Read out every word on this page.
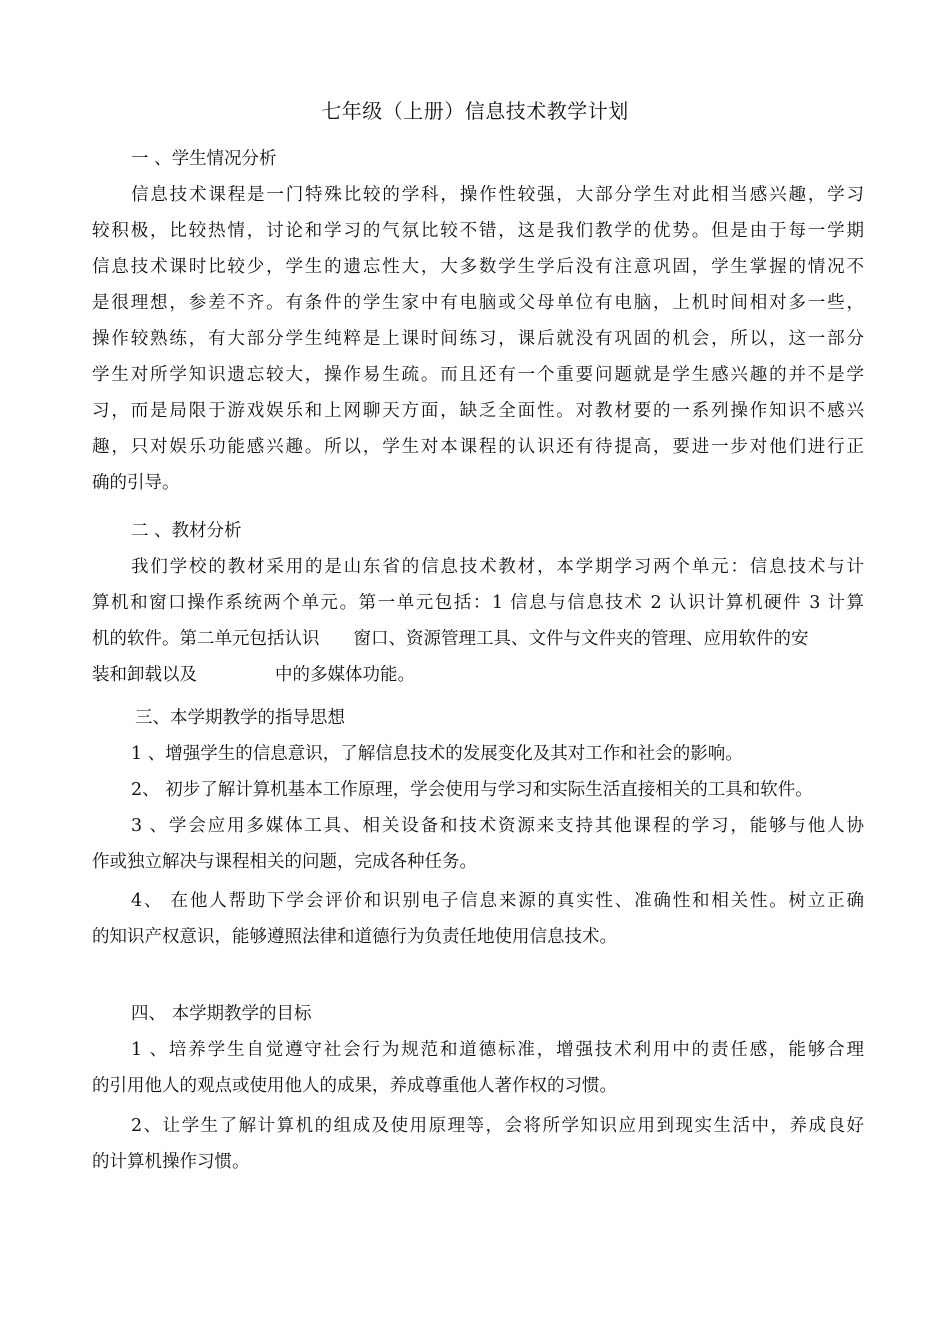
七年级（上册）信息技术教学计划

一 、学生情况分析

信息技术课程是一门特殊比较的学科，操作性较强，大部分学生对此相当感兴趣，学习

较积极，比较热情，讨论和学习的气氛比较不错，这是我们教学的优势。但是由于每一学期

信息技术课时比较少，学生的遗忘性大，大多数学生学后没有注意巩固，学生掌握的情况不

是很理想，参差不齐。有条件的学生家中有电脑或父母单位有电脑，上机时间相对多一些，

操作较熟练，有大部分学生纯粹是上课时间练习，课后就没有巩固的机会，所以，这一部分

学生对所学知识遗忘较大，操作易生疏。而且还有一个重要问题就是学生感兴趣的并不是学

习，而是局限于游戏娱乐和上网聊天方面，缺乏全面性。对教材要的一系列操作知识不感兴

趣，只对娱乐功能感兴趣。所以，学生对本课程的认识还有待提高，要进一步对他们进行正

确的引导。

二 、教材分析

我们学校的教材采用的是山东省的信息技术教材，本学期学习两个单元：信息技术与计

算机和窗口操作系统两个单元。第一单元包括：1 信息与信息技术 2 认识计算机硬件 3 计算

机的软件。第二单元包括认识 窗口、资源管理工具、文件与文件夹的管理、应用软件的安

装和卸载以及	中的多媒体功能。

三、本学期教学的指导思想

1 、增强学生的信息意识，了解信息技术的发展变化及其对工作和社会的影响。

2、 初步了解计算机基本工作原理，学会使用与学习和实际生活直接相关的工具和软件。

3 、学会应用多媒体工具、相关设备和技术资源来支持其他课程的学习，能够与他人协

作或独立解决与课程相关的问题，完成各种任务。

4、 在他人帮助下学会评价和识别电子信息来源的真实性、准确性和相关性。树立正确

的知识产权意识，能够遵照法律和道德行为负责任地使用信息技术。

四、 本学期教学的目标

1 、培养学生自觉遵守社会行为规范和道德标准，增强技术利用中的责任感，能够合理

的引用他人的观点或使用他人的成果，养成尊重他人著作权的习惯。

2、让学生了解计算机的组成及使用原理等，会将所学知识应用到现实生活中，养成良好

的计算机操作习惯。
